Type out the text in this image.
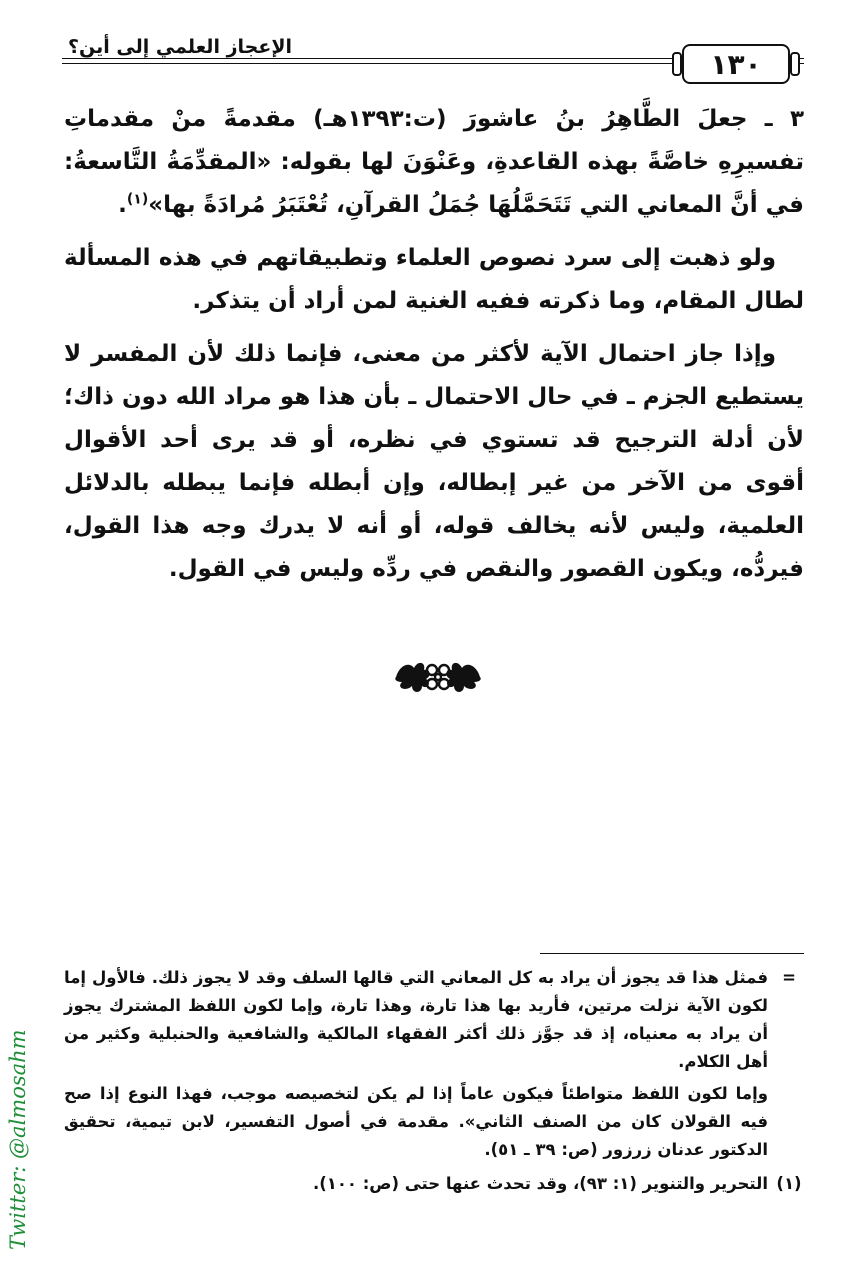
الإعجاز العلمي إلى أين؟
١٣٠

٣ ـ جعلَ الطَّاهِرُ بنُ عاشورَ (ت:١٣٩٣هـ) مقدمةً منْ مقدماتِ تفسيرِهِ خاصَّةً بهذه القاعدةِ، وعَنْوَنَ لها بقوله: «المقدِّمَةُ التَّاسعةُ: في أنَّ المعاني التي تَتَحَمَّلُهَا جُمَلُ القرآنِ، تُعْتَبَرُ مُرادَةً بها»$^{(١)}$.

ولو ذهبت إلى سرد نصوص العلماء وتطبيقاتهم في هذه المسألة لطال المقام، وما ذكرته ففيه الغنية لمن أراد أن يتذكر.

وإذا جاز احتمال الآية لأكثر من معنى، فإنما ذلك لأن المفسر لا يستطيع الجزم ـ في حال الاحتمال ـ بأن هذا هو مراد الله دون ذاك؛ لأن أدلة الترجيح قد تستوي في نظره، أو قد يرى أحد الأقوال أقوى من الآخر من غير إبطاله، وإن أبطله فإنما يبطله بالدلائل العلمية، وليس لأنه يخالف قوله، أو أنه لا يدرك وجه هذا القول، فيردُّه، ويكون القصور والنقص في ردِّه وليس في القول.

=

فمثل هذا قد يجوز أن يراد به كل المعاني التي قالها السلف وقد لا يجوز ذلك. فالأول إما لكون الآية نزلت مرتين، فأريد بها هذا تارة، وهذا تارة، وإما لكون اللفظ المشترك يجوز أن يراد به معنياه، إذ قد جوَّز ذلك أكثر الفقهاء المالكية والشافعية والحنبلية وكثير من أهل الكلام.

وإما لكون اللفظ متواطئاً فيكون عاماً إذا لم يكن لتخصيصه موجب، فهذا النوع إذا صح فيه القولان كان من الصنف الثاني». مقدمة في أصول التفسير، لابن تيمية، تحقيق الدكتور عدنان زرزور (ص: ٣٩ ـ ٥١).

(١)

التحرير والتنوير (١: ٩٣)، وقد تحدث عنها حتى (ص: ١٠٠).

Twitter: @almosahm
